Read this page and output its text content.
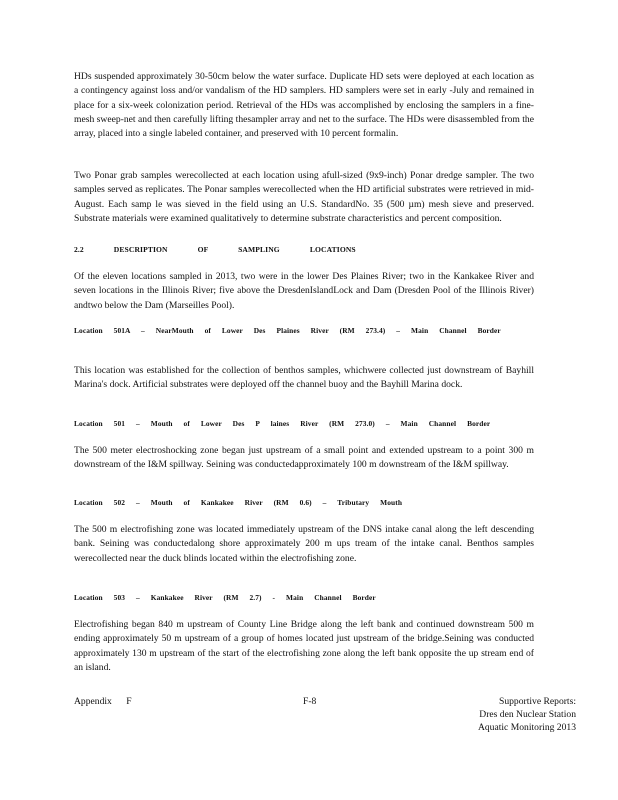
HDs suspended approximately 30-50cm below the water surface. Duplicate HD sets were deployed at each location as a contingency against loss and/or vandalism of the HD samplers. HD samplers were set in early -July and remained in place for a six-week colonization period. Retrieval of the HDs was accomplished by enclosing the samplers in a fine-mesh sweep-net and then carefully lifting thesampler array and net to the surface. The HDs were disassembled from the array, placed into a single labeled container, and preserved with 10 percent formalin.

Two Ponar grab samples werecollected at each location using afull-sized (9x9-inch) Ponar dredge sampler. The two samples served as replicates. The Ponar samples werecollected when the HD artificial substrates were retrieved in mid-August. Each samp le was sieved in the field using an U.S. StandardNo. 35 (500 µm) mesh sieve and preserved. Substrate materials were examined qualitatively to determine substrate characteristics and percent composition.

2.2 DESCRIPTION OF SAMPLING LOCATIONS

Of the eleven locations sampled in 2013, two were in the lower Des Plaines River; two in the Kankakee River and seven locations in the Illinois River; five above the DresdenIslandLock and Dam (Dresden Pool of the Illinois River) andtwo below the Dam (Marseilles Pool).

Location 501A – NearMouth of Lower Des Plaines River (RM 273.4) – Main Channel Border

This location was established for the collection of benthos samples, whichwere collected just downstream of Bayhill Marina's dock. Artificial substrates were deployed off the channel buoy and the Bayhill Marina dock.

Location 501 – Mouth of Lower Des P laines River (RM 273.0) – Main Channel Border

The 500 meter electroshocking zone began just upstream of a small point and extended upstream to a point 300 m downstream of the I&M spillway. Seining was conductedapproximately 100 m downstream of the I&M spillway.

Location 502 – Mouth of Kankakee River (RM 0.6) – Tributary Mouth

The 500 m electrofishing zone was located immediately upstream of the DNS intake canal along the left descending bank. Seining was conductedalong shore approximately 200 m ups tream of the intake canal. Benthos samples werecollected near the duck blinds located within the electrofishing zone.

Location 503 – Kankakee River (RM 2.7) - Main Channel Border

Electrofishing began 840 m upstream of County Line Bridge along the left bank and continued downstream 500 m ending approximately 50 m upstream of a group of homes located just upstream of the bridge.Seining was conducted approximately 130 m upstream of the start of the electrofishing zone along the left bank opposite the up stream end of an island.

Appendix F	F-8	Supportive Reports:
Dres den Nuclear Station
Aquatic Monitoring 2013
